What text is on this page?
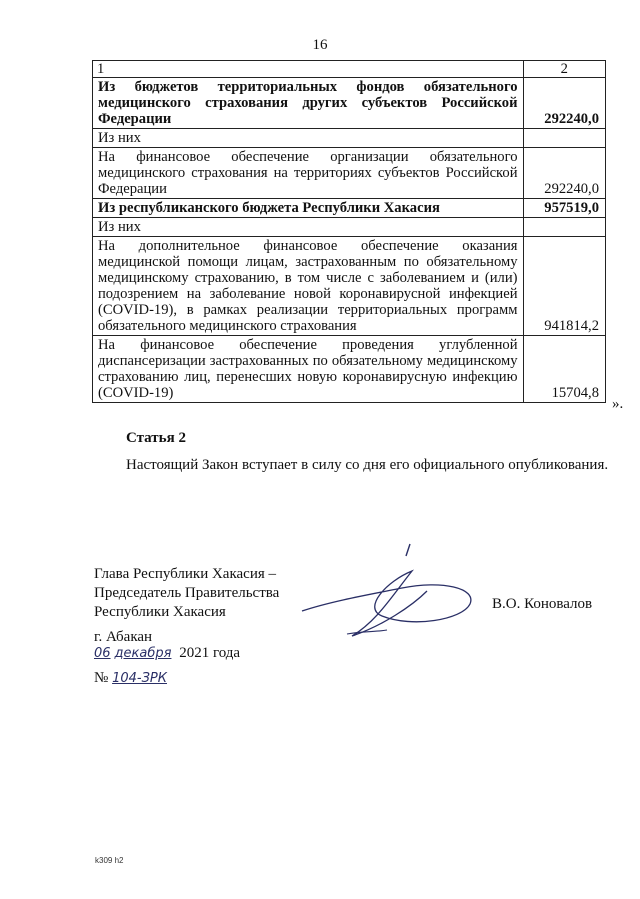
16
1	2
Из бюджетов территориальных фондов обязательного медицинского страхования других субъектов Российской Федерации	292240,0
Из них	
На финансовое обеспечение организации обязательного медицинского страхования на территориях субъектов Российской Федерации	292240,0
Из республиканского бюджета Республики Хакасия	957519,0
Из них	
На дополнительное финансовое обеспечение оказания медицинской помощи лицам, застрахованным по обязательному медицинскому страхованию, в том числе с заболеванием и (или) подозрением на заболевание новой коронавирусной инфекцией (COVID-19), в рамках реализации территориальных программ обязательного медицинского страхования	941814,2
На финансовое обеспечение проведения углубленной диспансеризации застрахованных по обязательному медицинскому страхованию лиц, перенесших новую коронавирусную инфекцию (COVID-19)	15704,8
».
Статья 2
Настоящий Закон вступает в силу со дня его официального опубликования.
Глава Республики Хакасия –
Председатель Правительства
Республики Хакасия	В.О. Коновалов
г. Абакан
06 декабря 2021 года
№ 104-ЗРК
k309 h2
